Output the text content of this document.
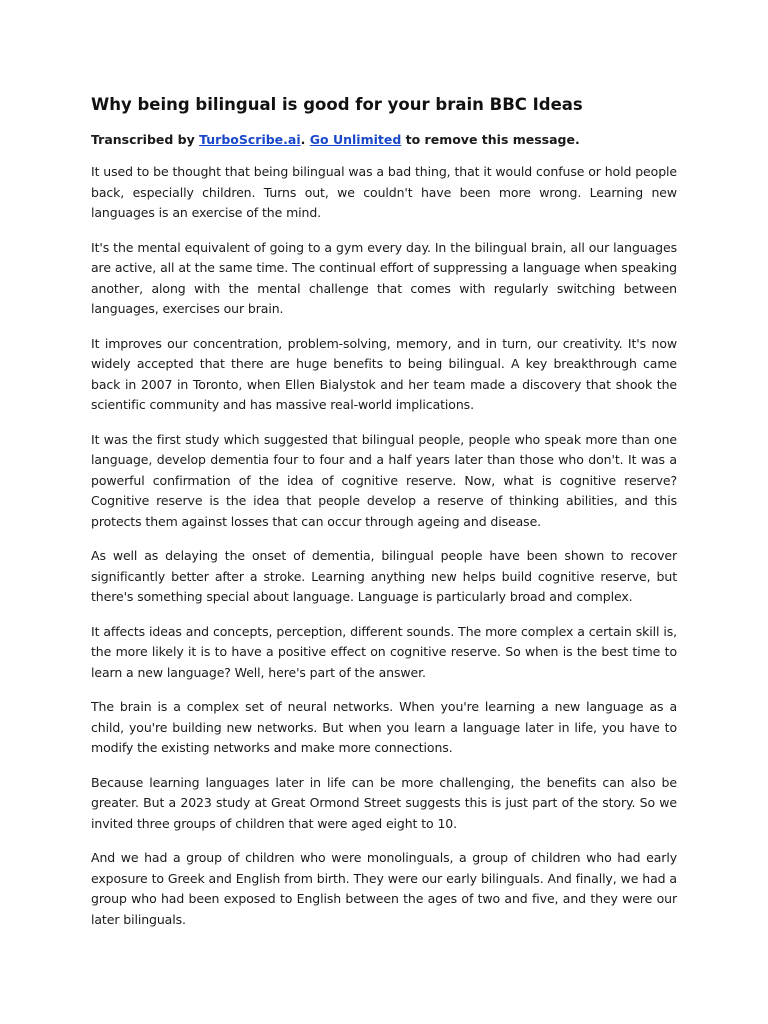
Why being bilingual is good for your brain BBC Ideas
Transcribed by TurboScribe.ai. Go Unlimited to remove this message.

It used to be thought that being bilingual was a bad thing, that it would confuse or hold people back, especially children. Turns out, we couldn't have been more wrong. Learning new languages is an exercise of the mind.

It's the mental equivalent of going to a gym every day. In the bilingual brain, all our languages are active, all at the same time. The continual effort of suppressing a language when speaking another, along with the mental challenge that comes with regularly switching between languages, exercises our brain.

It improves our concentration, problem-solving, memory, and in turn, our creativity. It's now widely accepted that there are huge benefits to being bilingual. A key breakthrough came back in 2007 in Toronto, when Ellen Bialystok and her team made a discovery that shook the scientific community and has massive real-world implications.

It was the first study which suggested that bilingual people, people who speak more than one language, develop dementia four to four and a half years later than those who don't. It was a powerful confirmation of the idea of cognitive reserve. Now, what is cognitive reserve? Cognitive reserve is the idea that people develop a reserve of thinking abilities, and this protects them against losses that can occur through ageing and disease.

As well as delaying the onset of dementia, bilingual people have been shown to recover significantly better after a stroke. Learning anything new helps build cognitive reserve, but there's something special about language. Language is particularly broad and complex.

It affects ideas and concepts, perception, different sounds. The more complex a certain skill is, the more likely it is to have a positive effect on cognitive reserve. So when is the best time to learn a new language? Well, here's part of the answer.

The brain is a complex set of neural networks. When you're learning a new language as a child, you're building new networks. But when you learn a language later in life, you have to modify the existing networks and make more connections.

Because learning languages later in life can be more challenging, the benefits can also be greater. But a 2023 study at Great Ormond Street suggests this is just part of the story. So we invited three groups of children that were aged eight to 10.

And we had a group of children who were monolinguals, a group of children who had early exposure to Greek and English from birth. They were our early bilinguals. And finally, we had a group who had been exposed to English between the ages of two and five, and they were our later bilinguals.
